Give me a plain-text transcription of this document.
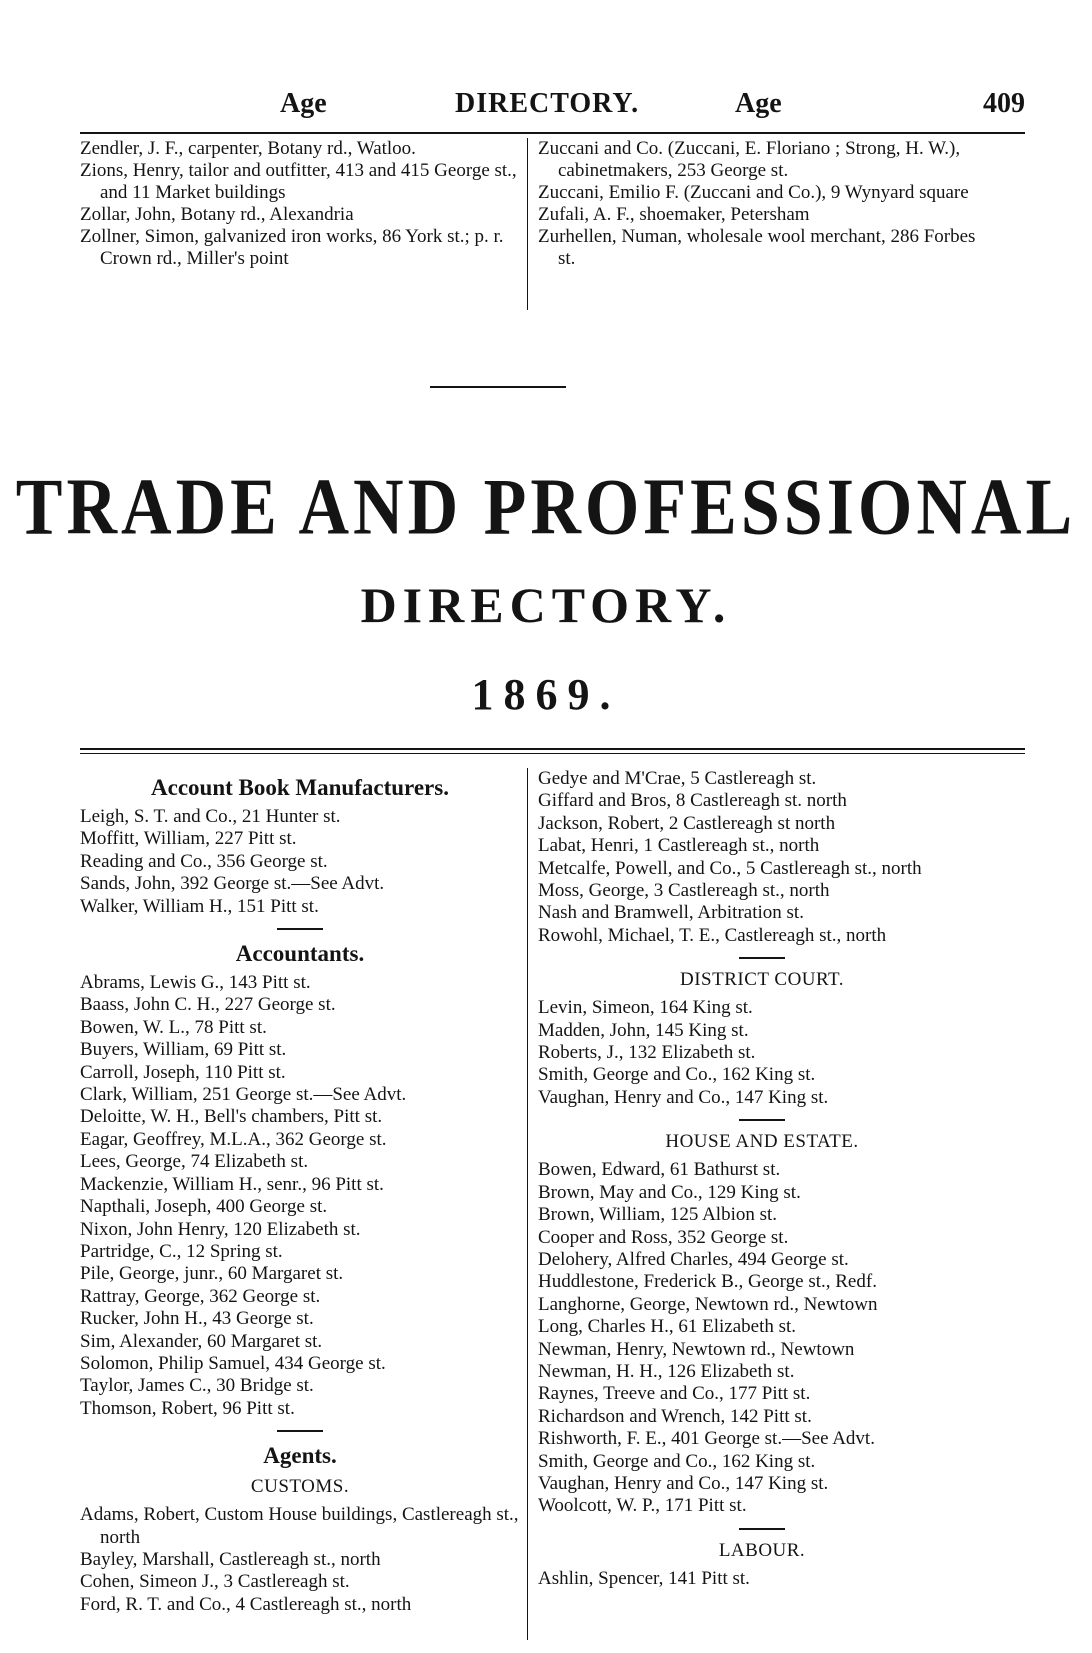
Age	DIRECTORY.	Age	409
Zendler, J. F., carpenter, Botany rd., Watloo.
Zions, Henry, tailor and outfitter, 413 and 415 George st., and 11 Market buildings
Zollar, John, Botany rd., Alexandria
Zollner, Simon, galvanized iron works, 86 York st.; p. r. Crown rd., Miller's point
Zuccani and Co. (Zuccani, E. Floriano ; Strong, H. W.), cabinetmakers, 253 George st.
Zuccani, Emilio F. (Zuccani and Co.), 9 Wynyard square
Zufali, A. F., shoemaker, Petersham
Zurhellen, Numan, wholesale wool merchant, 286 Forbes st.
TRADE AND PROFESSIONAL
DIRECTORY.
1869.
Account Book Manufacturers.
Leigh, S. T. and Co., 21 Hunter st.
Moffitt, William, 227 Pitt st.
Reading and Co., 356 George st.
Sands, John, 392 George st.—See Advt.
Walker, William H., 151 Pitt st.
Accountants.
Abrams, Lewis G., 143 Pitt st.
Baass, John C. H., 227 George st.
Bowen, W. L., 78 Pitt st.
Buyers, William, 69 Pitt st.
Carroll, Joseph, 110 Pitt st.
Clark, William, 251 George st.—See Advt.
Deloitte, W. H., Bell's chambers, Pitt st.
Eagar, Geoffrey, M.L.A., 362 George st.
Lees, George, 74 Elizabeth st.
Mackenzie, William H., senr., 96 Pitt st.
Napthali, Joseph, 400 George st.
Nixon, John Henry, 120 Elizabeth st.
Partridge, C., 12 Spring st.
Pile, George, junr., 60 Margaret st.
Rattray, George, 362 George st.
Rucker, John H., 43 George st.
Sim, Alexander, 60 Margaret st.
Solomon, Philip Samuel, 434 George st.
Taylor, James C., 30 Bridge st.
Thomson, Robert, 96 Pitt st.
Agents.
CUSTOMS.
Adams, Robert, Custom House buildings, Castlereagh st., north
Bayley, Marshall, Castlereagh st., north
Cohen, Simeon J., 3 Castlereagh st.
Ford, R. T. and Co., 4 Castlereagh st., north
Gedye and M'Crae, 5 Castlereagh st.
Giffard and Bros, 8 Castlereagh st. north
Jackson, Robert, 2 Castlereagh st north
Labat, Henri, 1 Castlereagh st., north
Metcalfe, Powell, and Co., 5 Castlereagh st., north
Moss, George, 3 Castlereagh st., north
Nash and Bramwell, Arbitration st.
Rowohl, Michael, T. E., Castlereagh st., north
DISTRICT COURT.
Levin, Simeon, 164 King st.
Madden, John, 145 King st.
Roberts, J., 132 Elizabeth st.
Smith, George and Co., 162 King st.
Vaughan, Henry and Co., 147 King st.
HOUSE AND ESTATE.
Bowen, Edward, 61 Bathurst st.
Brown, May and Co., 129 King st.
Brown, William, 125 Albion st.
Cooper and Ross, 352 George st.
Delohery, Alfred Charles, 494 George st.
Huddlestone, Frederick B., George st., Redf.
Langhorne, George, Newtown rd., Newtown
Long, Charles H., 61 Elizabeth st.
Newman, Henry, Newtown rd., Newtown
Newman, H. H., 126 Elizabeth st.
Raynes, Treeve and Co., 177 Pitt st.
Richardson and Wrench, 142 Pitt st.
Rishworth, F. E., 401 George st.—See Advt.
Smith, George and Co., 162 King st.
Vaughan, Henry and Co., 147 King st.
Woolcott, W. P., 171 Pitt st.
LABOUR.
Ashlin, Spencer, 141 Pitt st.
